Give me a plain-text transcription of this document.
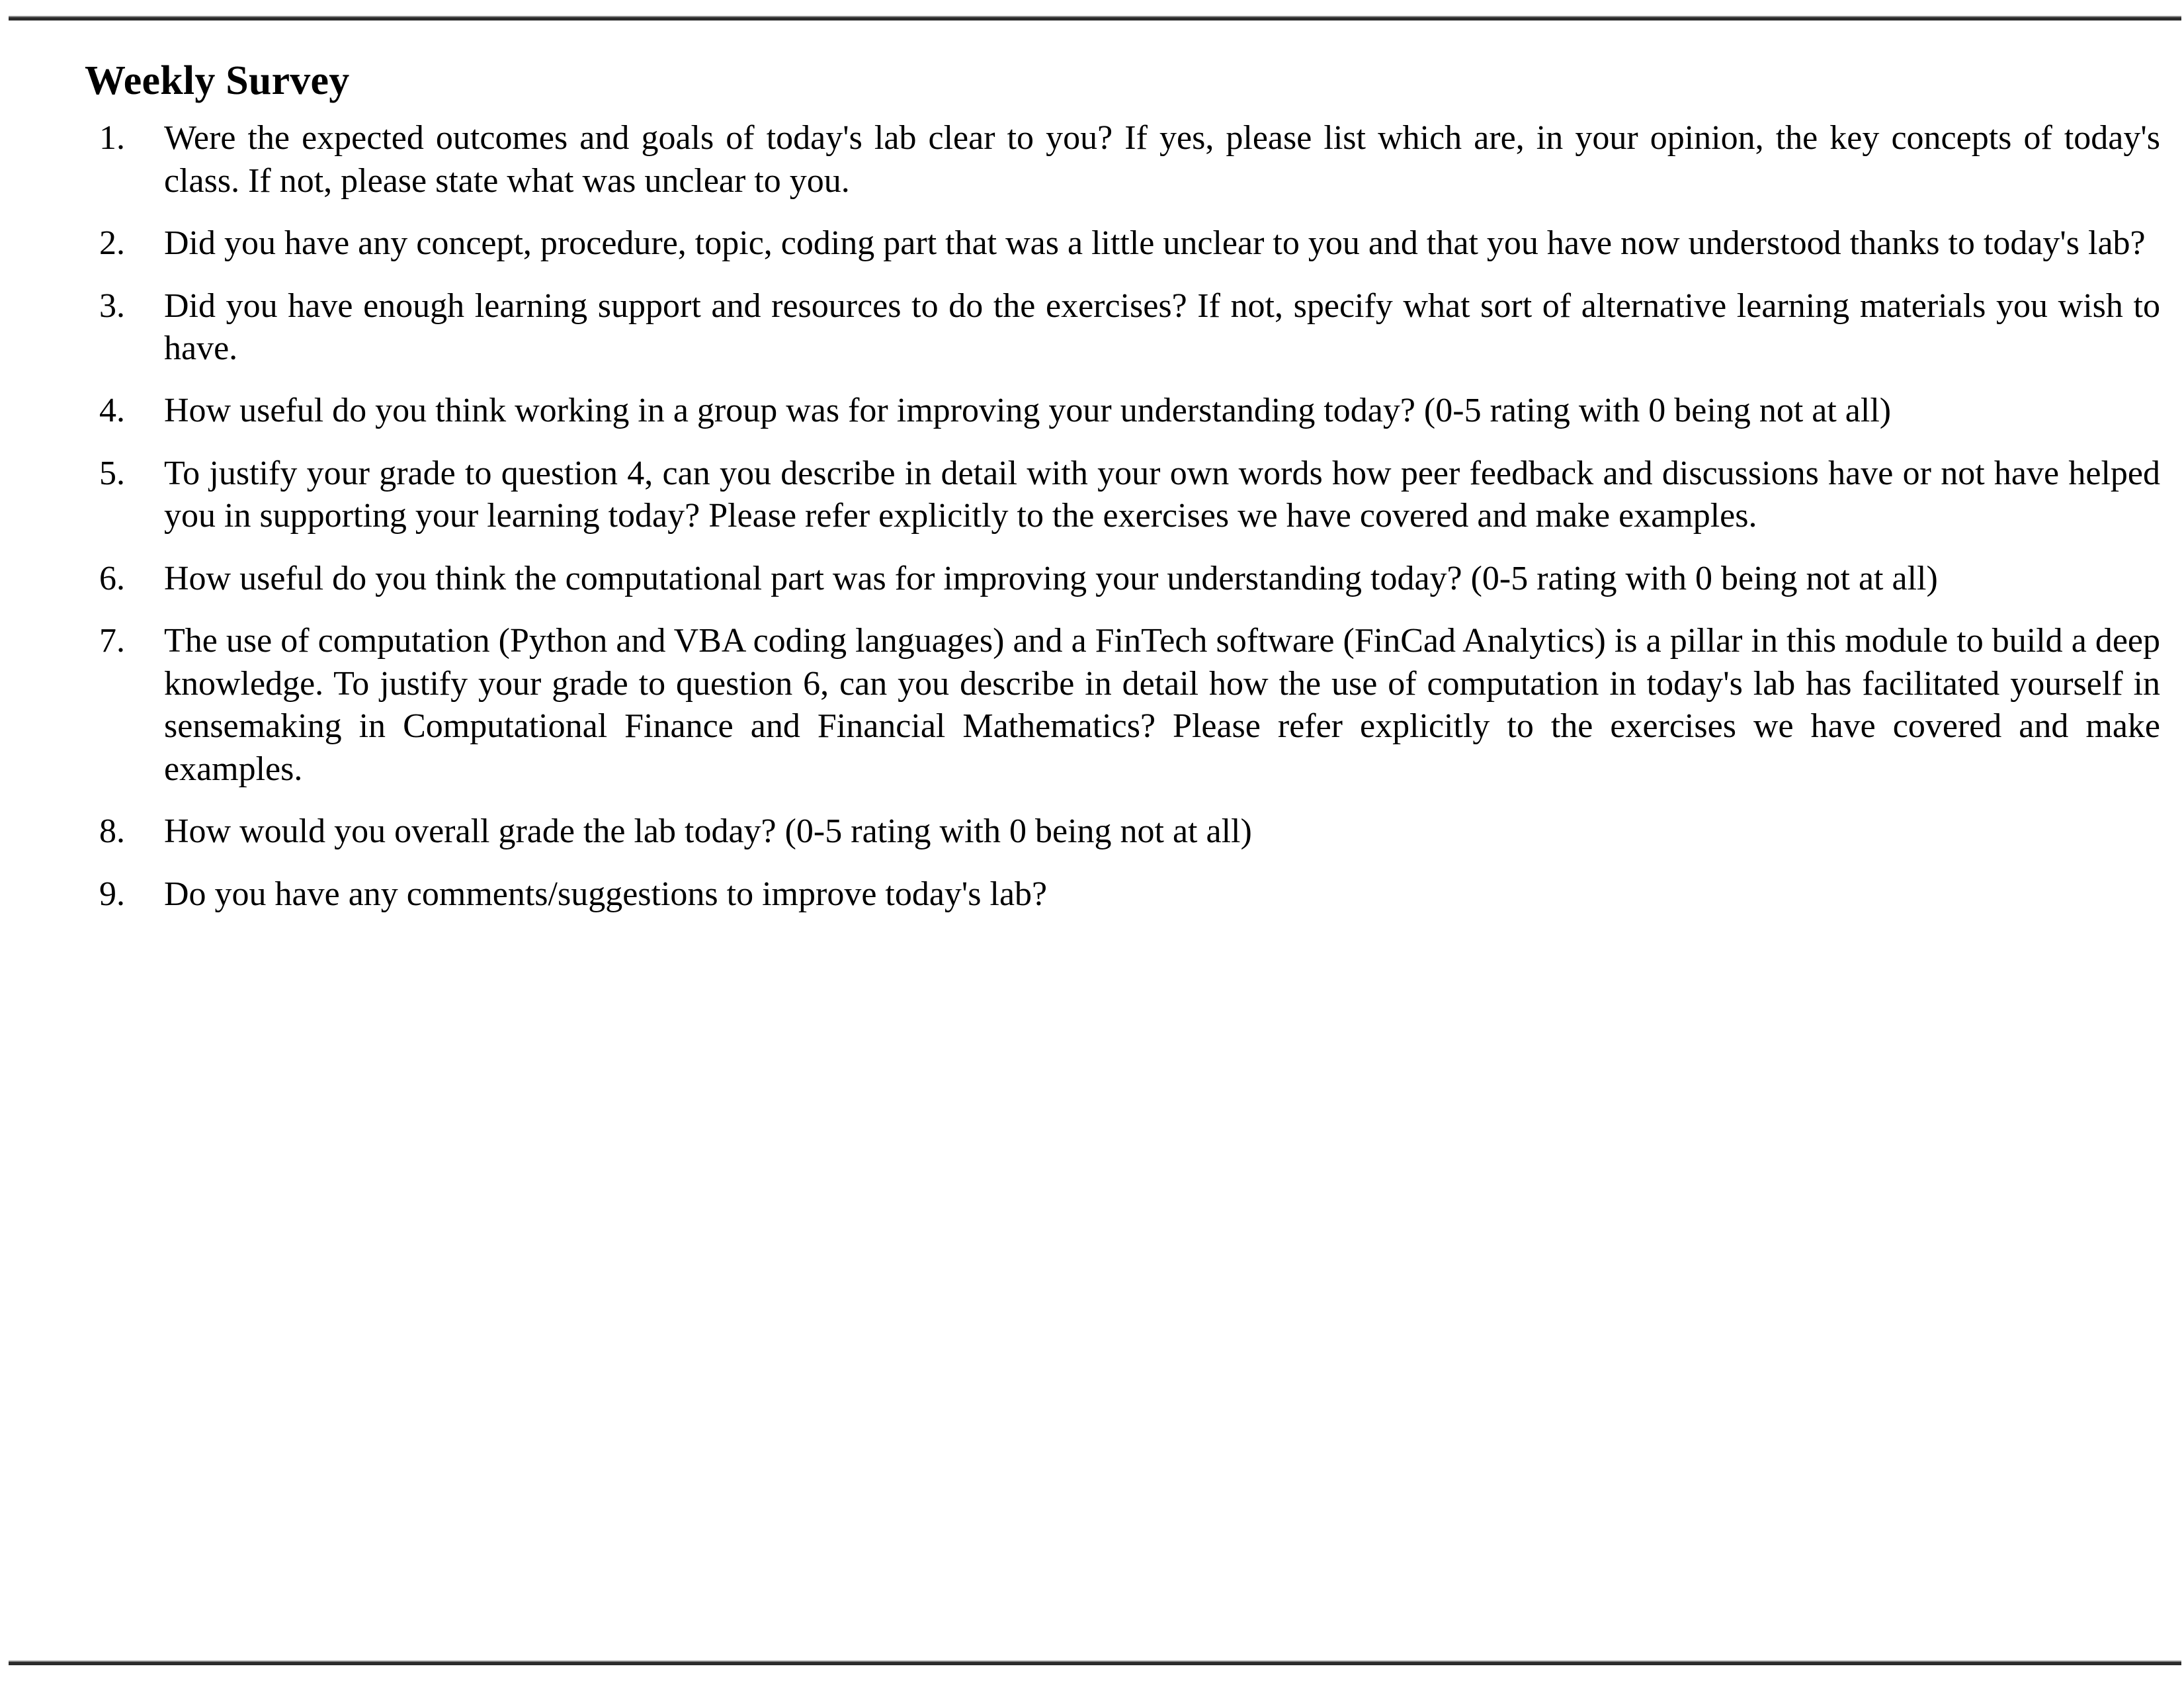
Weekly Survey
Were the expected outcomes and goals of today's lab clear to you? If yes, please list which are, in your opinion, the key concepts of today's class. If not, please state what was unclear to you.
Did you have any concept, procedure, topic, coding part that was a little unclear to you and that you have now understood thanks to today's lab?
Did you have enough learning support and resources to do the exercises? If not, specify what sort of alternative learning materials you wish to have.
How useful do you think working in a group was for improving your understanding today? (0-5 rating with 0 being not at all)
To justify your grade to question 4, can you describe in detail with your own words how peer feedback and discussions have or not have helped you in supporting your learning today? Please refer explicitly to the exercises we have covered and make examples.
How useful do you think the computational part was for improving your understanding today? (0-5 rating with 0 being not at all)
The use of computation (Python and VBA coding languages) and a FinTech software (FinCad Analytics) is a pillar in this module to build a deep knowledge. To justify your grade to question 6, can you describe in detail how the use of computation in today's lab has facilitated yourself in sensemaking in Computational Finance and Financial Mathematics? Please refer explicitly to the exercises we have covered and make examples.
How would you overall grade the lab today? (0-5 rating with 0 being not at all)
Do you have any comments/suggestions to improve today's lab?
